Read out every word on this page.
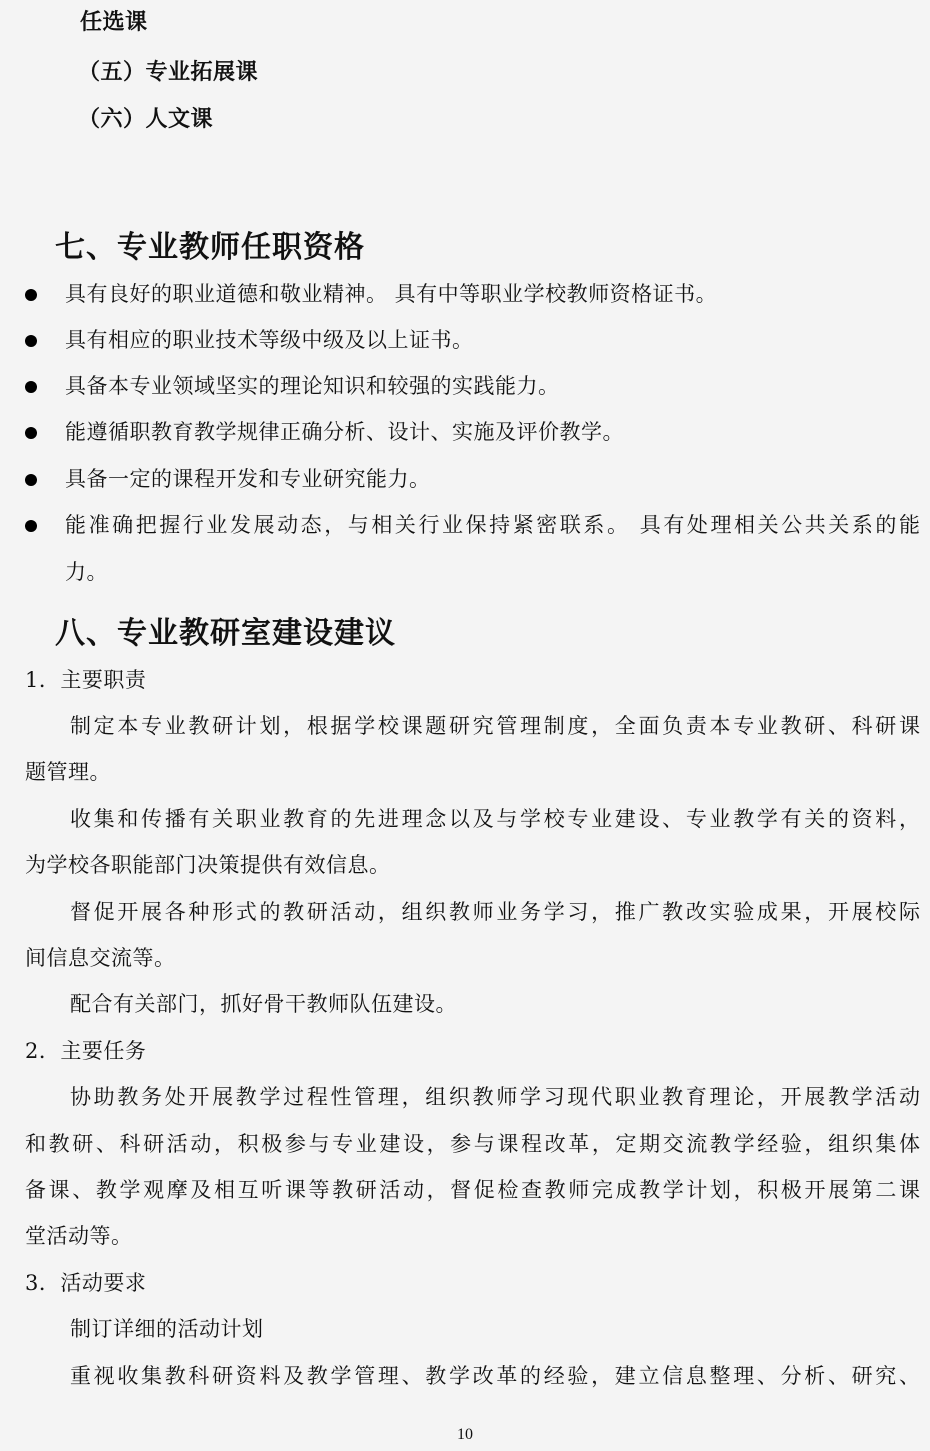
任选课
（五）专业拓展课
（六）人文课
七、专业教师任职资格
具有良好的职业道德和敬业精神。 具有中等职业学校教师资格证书。
具有相应的职业技术等级中级及以上证书。
具备本专业领域坚实的理论知识和较强的实践能力。
能遵循职教育教学规律正确分析、设计、实施及评价教学。
具备一定的课程开发和专业研究能力。
能准确把握行业发展动态，与相关行业保持紧密联系。 具有处理相关公共关系的能
力。
八、专业教研室建设建议
1．主要职责
制定本专业教研计划，根据学校课题研究管理制度，全面负责本专业教研、科研课
题管理。
收集和传播有关职业教育的先进理念以及与学校专业建设、专业教学有关的资料，
为学校各职能部门决策提供有效信息。
督促开展各种形式的教研活动，组织教师业务学习，推广教改实验成果，开展校际
间信息交流等。
配合有关部门，抓好骨干教师队伍建设。
2．主要任务
协助教务处开展教学过程性管理，组织教师学习现代职业教育理论，开展教学活动
和教研、科研活动，积极参与专业建设，参与课程改革，定期交流教学经验，组织集体
备课、教学观摩及相互听课等教研活动，督促检查教师完成教学计划，积极开展第二课
堂活动等。
3．活动要求
制订详细的活动计划
重视收集教科研资料及教学管理、教学改革的经验，建立信息整理、分析、研究、
10
